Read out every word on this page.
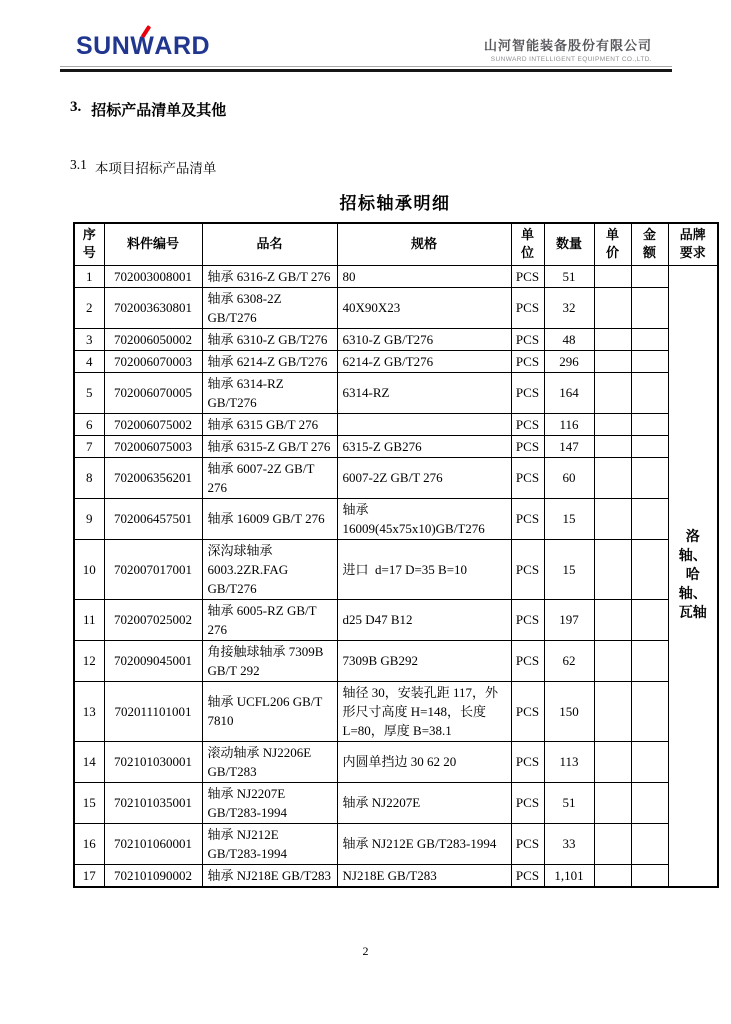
SUNW
ARD	山河智能装备股份有限公司
SUNWARD INTELLIGENT EQUIPMENT CO.,LTD.
3. 招标产品清单及其他
3.1 本项目招标产品清单
招标轴承明细
序号	料件编号	品名	规格	单位	数量	单价	金额	品牌要求
1	702003008001	轴承 6316-Z GB/T 276	80	PCS	51			洛轴、哈轴、瓦轴
2	702003630801	轴承 6308-2Z GB/T276	40X90X23	PCS	32			
3	702006050002	轴承 6310-Z GB/T276	6310-Z GB/T276	PCS	48			
4	702006070003	轴承 6214-Z GB/T276	6214-Z GB/T276	PCS	296			
5	702006070005	轴承 6314-RZ GB/T276	6314-RZ	PCS	164			
6	702006075002	轴承 6315 GB/T 276		PCS	116			
7	702006075003	轴承 6315-Z GB/T 276	6315-Z GB276	PCS	147			
8	702006356201	轴承 6007-2Z GB/T 276	6007-2Z GB/T 276	PCS	60			
9	702006457501	轴承 16009 GB/T 276	轴承 16009(45x75x10)GB/T276	PCS	15			
10	702007017001	深沟球轴承 6003.2ZR.FAG GB/T276	进口  d=17 D=35 B=10	PCS	15			
11	702007025002	轴承 6005-RZ GB/T 276	d25 D47 B12	PCS	197			
12	702009045001	角接触球轴承 7309B GB/T 292	7309B GB292	PCS	62			
13	702011101001	轴承 UCFL206 GB/T 7810	轴径 30，安装孔距 117，外形尺寸高度 H=148，长度 L=80，厚度 B=38.1	PCS	150			
14	702101030001	滚动轴承 NJ2206E GB/T283	内圆单挡边 30 62 20	PCS	113			
15	702101035001	轴承 NJ2207E GB/T283-1994	轴承 NJ2207E	PCS	51			
16	702101060001	轴承 NJ212E GB/T283-1994	轴承 NJ212E GB/T283-1994	PCS	33			
17	702101090002	轴承 NJ218E GB/T283	NJ218E GB/T283	PCS	1,101			
2
